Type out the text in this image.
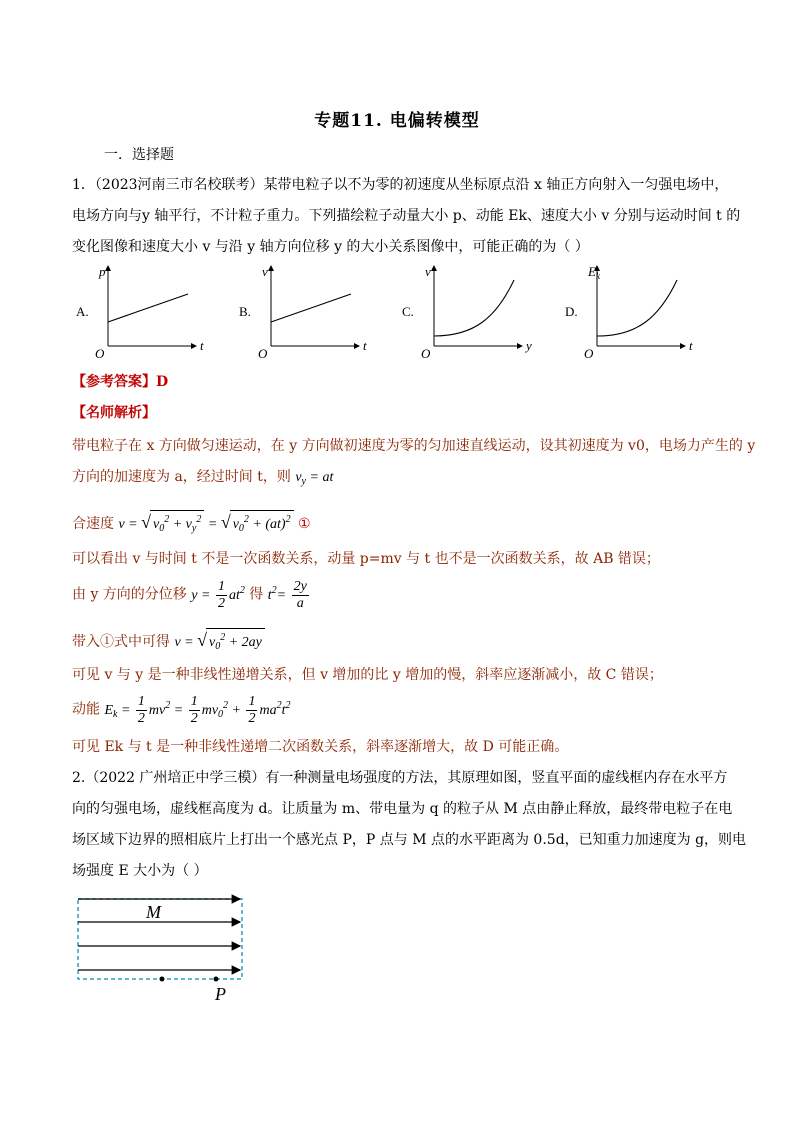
专题11. 电偏转模型
一．选择题
1．（2023河南三市名校联考）某带电粒子以不为零的初速度从坐标原点沿 x 轴正方向射入一匀强电场中，
电场方向与y 轴平行，不计粒子重力。下列描绘粒子动量大小 p、动能 Ek、速度大小 v 分别与运动时间 t 的
变化图像和速度大小 v 与沿 y 轴方向位移 y 的大小关系图像中，可能正确的为（ ）
A.
p
t
O
B.
v
t
O
C.
v
y
O
D.
$E_k$
t
O
【参考答案】D
【名师解析】
带电粒子在 x 方向做匀速运动，在 y 方向做初速度为零的匀加速直线运动，设其初速度为 v0，电场力产生的 y
方向的加速度为 a，经过时间 t，则 $v_y$ = at
合速度 v = √ $v_0^2 + v_y^2$ = √ $v_0^2 + (at)^2$ ①
可以看出 v 与时间 t 不是一次函数关系，动量 p=mv 与 t 也不是一次函数关系，故 AB 错误；
由 y 方向的分位移 $y = \frac{1}{2} at^2$ 得 $t^2= \frac{2y}{a}$
带入①式中可得 v = √ $v_0^2 + 2ay$
可见 v 与 y 是一种非线性递增关系，但 v 增加的比 y 增加的慢，斜率应逐渐减小，故 C 错误；
动能 $E_k = \frac{1}{2} mv^2 = \frac{1}{2} mv_0^2 + \frac{1}{2} ma^2t^2$
可见 Ek 与 t 是一种非线性递增二次函数关系，斜率逐渐增大，故 D 可能正确。
2.（2022 广州培正中学三模）有一种测量电场强度的方法，其原理如图，竖直平面的虚线框内存在水平方
向的匀强电场，虚线框高度为 d。让质量为 m、带电量为 q 的粒子从 M 点由静止释放，最终带电粒子在电
场区域下边界的照相底片上打出一个感光点 P，P 点与 M 点的水平距离为 0.5d，已知重力加速度为 g，则电
场强度 E 大小为（ ）
M
P
